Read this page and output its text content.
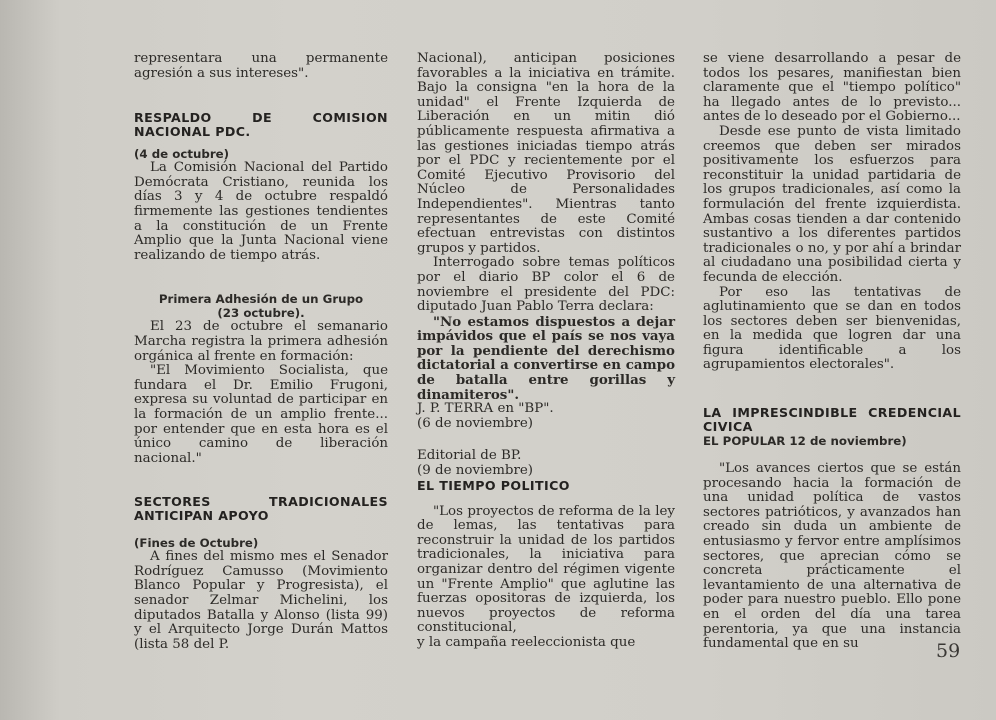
representara una permanente agresión a sus intereses".

RESPALDO DE COMISION NACIONAL PDC.

(4 de octubre)

La Comisión Nacional del Partido Demócrata Cristiano, reunida los días 3 y 4 de octubre respaldó firmemente las gestiones tendientes a la constitución de un Frente Amplio que la Junta Nacional viene realizando de tiempo atrás.

Primera Adhesión de un Grupo

(23 octubre).

El 23 de octubre el semanario Marcha registra la primera adhesión orgánica al frente en formación:

"El Movimiento Socialista, que fundara el Dr. Emilio Frugoni, expresa su voluntad de participar en la formación de un amplio frente... por entender que en esta hora es el único camino de liberación nacional."

SECTORES TRADICIONALES ANTICIPAN APOYO

(Fines de Octubre)

A fines del mismo mes el Senador Rodríguez Camusso (Movimiento Blanco Popular y Progresista), el senador Zelmar Michelini, los diputados Batalla y Alonso (lista 99) y el Arquitecto Jorge Durán Mattos (lista 58 del P.

Nacional), anticipan posiciones favorables a la iniciativa en trámite. Bajo la consigna "en la hora de la unidad" el Frente Izquierda de Liberación en un mitin dió públicamente respuesta afirmativa a las gestiones iniciadas tiempo atrás por el PDC y recientemente por el Comité Ejecutivo Provisorio del Núcleo de Personalidades Independientes". Mientras tanto representantes de este Comité efectuan entrevistas con distintos grupos y partidos.

Interrogado sobre temas políticos por el diario BP color el 6 de noviembre el presidente del PDC: diputado Juan Pablo Terra declara:

"No estamos dispuestos a dejar impávidos que el país se nos vaya por la pendiente del derechismo dictatorial a convertirse en campo de batalla entre gorillas y dinamiteros".

J. P. TERRA en "BP".

(6 de noviembre)

Editorial de BP.

(9 de noviembre)

EL TIEMPO POLITICO

"Los proyectos de reforma de la ley de lemas, las tentativas para reconstruir la unidad de los partidos tradicionales, la iniciativa para organizar dentro del régimen vigente un "Frente Amplio" que aglutine las fuerzas opositoras de izquierda, los nuevos proyectos de reforma constitucional,

y la campaña reeleccionista que

se viene desarrollando a pesar de todos los pesares, manifiestan bien claramente que el "tiempo político" ha llegado antes de lo previsto... antes de lo deseado por el Gobierno...

Desde ese punto de vista limitado creemos que deben ser mirados positivamente los esfuerzos para reconstituir la unidad partidaria de los grupos tradicionales, así como la formulación del frente izquierdista. Ambas cosas tienden a dar contenido sustantivo a los diferentes partidos tradicionales o no, y por ahí a brindar al ciudadano una posibilidad cierta y fecunda de elección.

Por eso las tentativas de aglutinamiento que se dan en todos los sectores deben ser bienvenidas, en la medida que logren dar una figura identificable a los agrupamientos electorales".

LA IMPRESCINDIBLE CREDENCIAL CIVICA

EL POPULAR 12 de noviembre)

"Los avances ciertos que se están procesando hacia la formación de una unidad política de vastos sectores patrióticos, y avanzados han creado sin duda un ambiente de entusiasmo y fervor entre amplísimos sectores, que aprecian cómo se concreta prácticamente el levantamiento de una alternativa de poder para nuestro pueblo. Ello pone en el orden del día una tarea perentoria, ya que una instancia fundamental que en su	59
